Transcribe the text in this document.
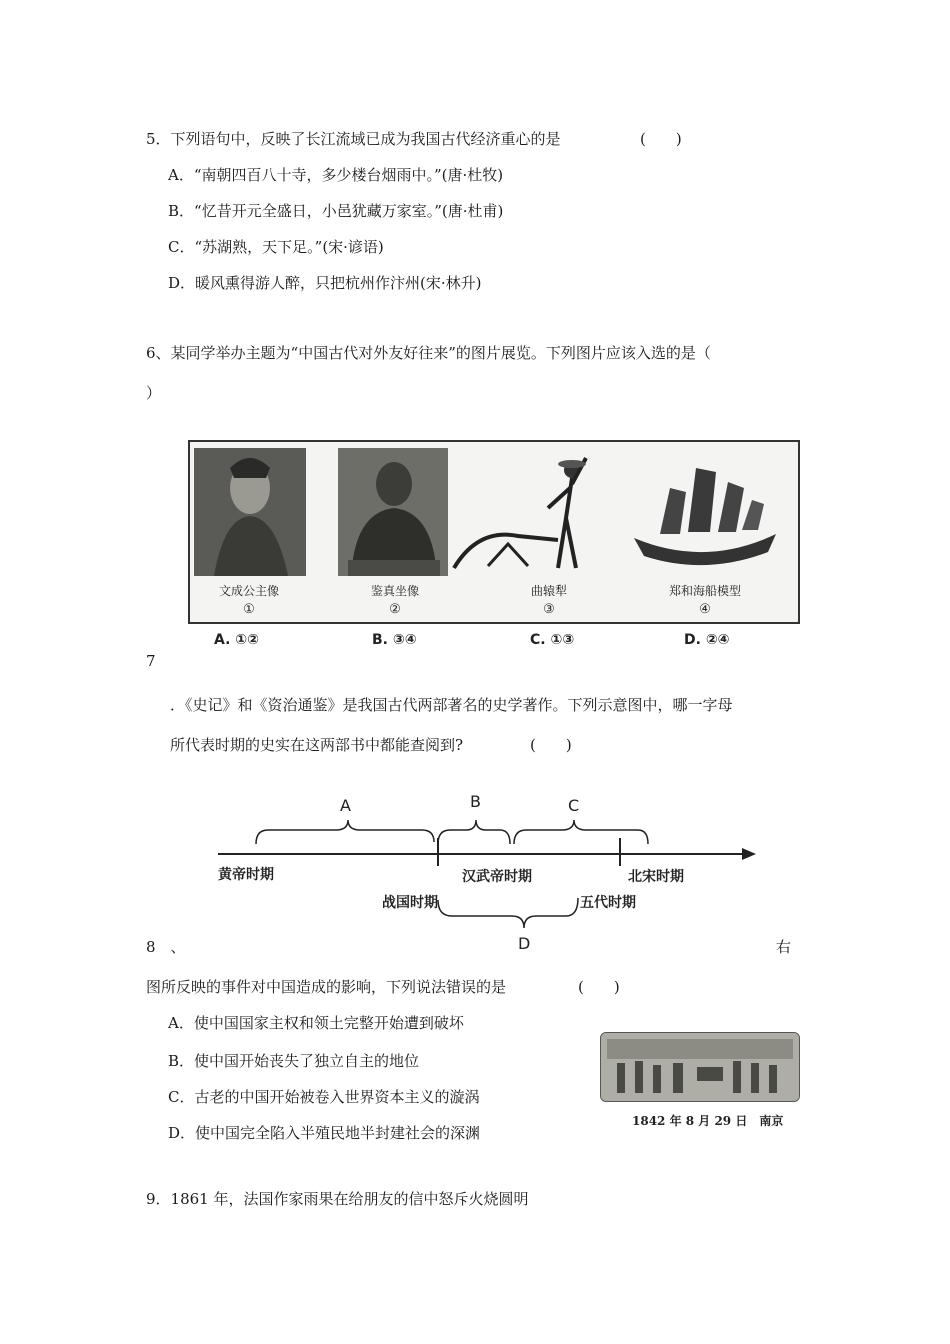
5．下列语句中，反映了长江流域已成为我国古代经济重心的是	(　　)
A．“南朝四百八十寺，多少楼台烟雨中。”(唐·杜牧)
B．“忆昔开元全盛日，小邑犹藏万家室。”(唐·杜甫)
C．“苏湖熟，天下足。”(宋·谚语)
D．暖风熏得游人醉，只把杭州作汴州(宋·林升)
6、某同学举办主题为“中国古代对外友好往来”的图片展览。下列图片应该入选的是（
）
文成公主像
①
鉴真坐像
②
曲辕犁
③
郑和海船模型
④
A. ①②	B. ③④	C. ①③	D. ②④
7
．《史记》和《资治通鉴》是我国古代两部著名的史学著作。下列示意图中，哪一字母
所代表时期的史实在这两部书中都能查阅到?	(　　)
A	B	C
D
黄帝时期	汉武帝时期	北宋时期
战国时期	五代时期
8　、	右
图所反映的事件对中国造成的影响，下列说法错误的是	(　　)
A．使中国国家主权和领土完整开始遭到破坏
B．使中国开始丧失了独立自主的地位
C．古老的中国开始被卷入世界资本主义的漩涡
D．使中国完全陷入半殖民地半封建社会的深渊
1842 年 8 月 29 日　南京
9．1861 年，法国作家雨果在给朋友的信中怒斥火烧圆明
